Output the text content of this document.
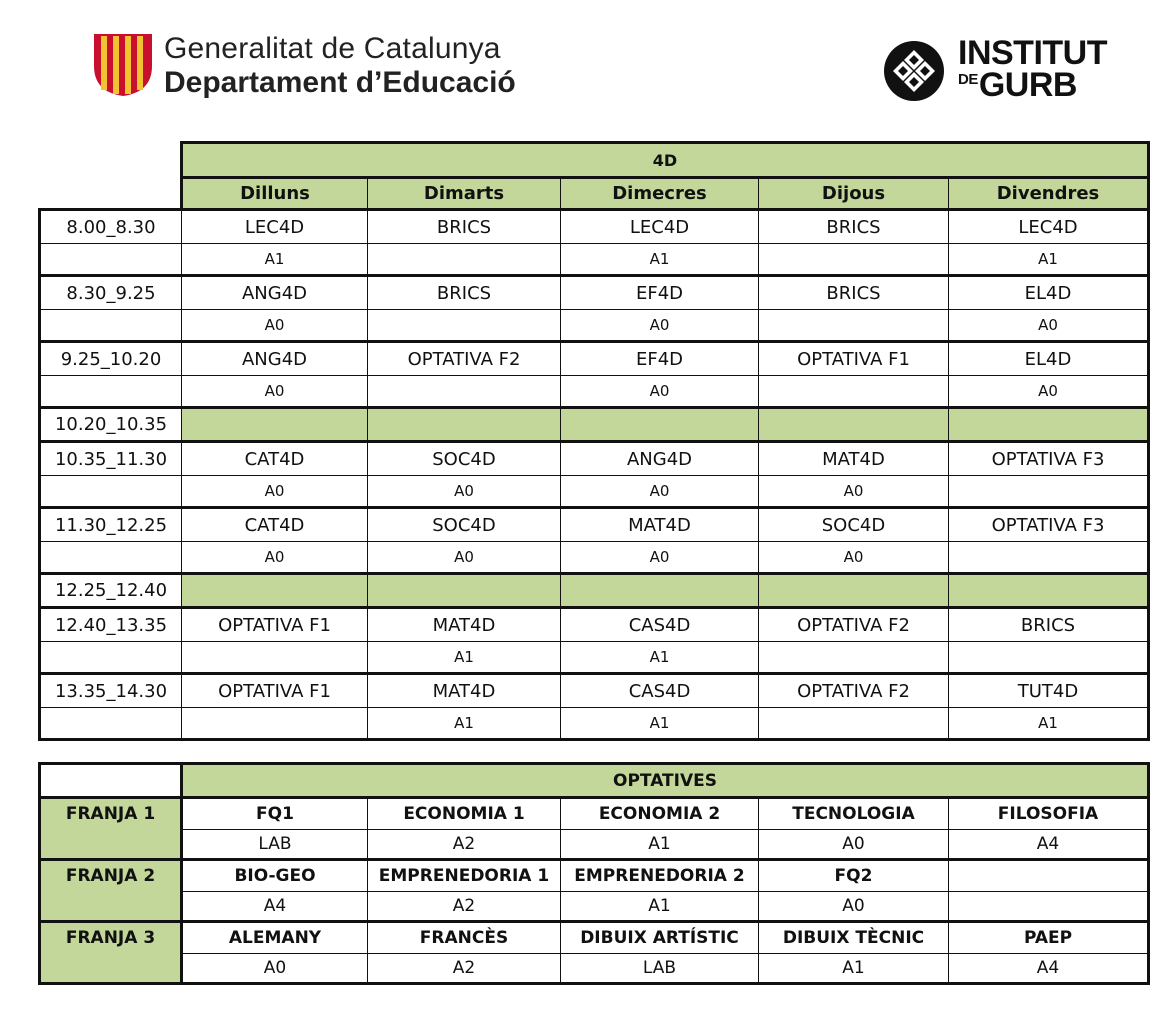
Generalitat de Catalunya
Departament d’Educació
INSTITUT
$^{DE}$GURB
	4D				
	Dilluns	Dimarts	Dimecres	Dijous	Divendres
8.00_8.30	LEC4D	BRICS	LEC4D	BRICS	LEC4D
	A1		A1		A1
8.30_9.25	ANG4D	BRICS	EF4D	BRICS	EL4D
	A0		A0		A0
9.25_10.20	ANG4D	OPTATIVA F2	EF4D	OPTATIVA F1	EL4D
	A0		A0		A0
10.20_10.35					
10.35_11.30	CAT4D	SOC4D	ANG4D	MAT4D	OPTATIVA F3
	A0	A0	A0	A0	
11.30_12.25	CAT4D	SOC4D	MAT4D	SOC4D	OPTATIVA F3
	A0	A0	A0	A0	
12.25_12.40					
12.40_13.35	OPTATIVA F1	MAT4D	CAS4D	OPTATIVA F2	BRICS
		A1	A1		
13.35_14.30	OPTATIVA F1	MAT4D	CAS4D	OPTATIVA F2	TUT4D
		A1	A1		A1
	OPTATIVES				
FRANJA 1	FQ1	ECONOMIA 1	ECONOMIA 2	TECNOLOGIA	FILOSOFIA
	LAB	A2	A1	A0	A4
FRANJA 2	BIO-GEO	EMPRENEDORIA 1	EMPRENEDORIA 2	FQ2	
	A4	A2	A1	A0	
FRANJA 3	ALEMANY	FRANCÈS	DIBUIX ARTÍSTIC	DIBUIX TÈCNIC	PAEP
	A0	A2	LAB	A1	A4
